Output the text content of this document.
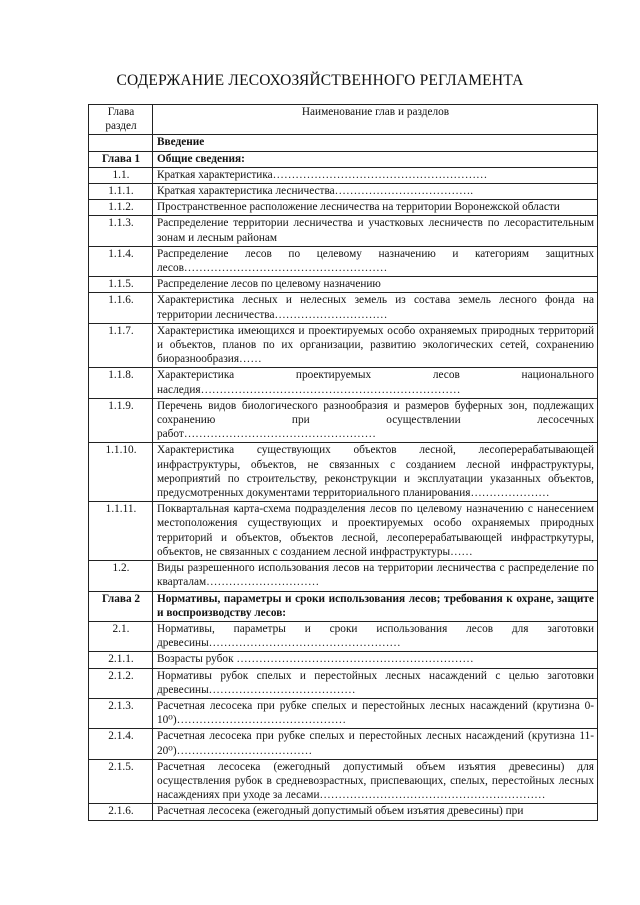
СОДЕРЖАНИЕ ЛЕСОХОЗЯЙСТВЕННОГО РЕГЛАМЕНТА
Глава
раздел	Наименование глав и разделов
	Введение
Глава 1	Общие сведения:
1.1.	Краткая характеристика…………………………………………………
1.1.1.	Краткая характеристика лесничества……………………………….
1.1.2.	Пространственное расположение лесничества на территории Воронежской области
1.1.3.	Распределение территории лесничества и участковых лесничеств по лесорастительным зонам и лесным районам
1.1.4.	Распределение лесов по целевому назначению и категориям защитных лесов………………………………………………
1.1.5.	Распределение лесов по целевому назначению
1.1.6.	Характеристика лесных и нелесных земель из состава земель лесного фонда на территории лесничества…………………………
1.1.7.	Характеристика имеющихся и проектируемых особо охраняемых природных территорий и объектов, планов по их организации, развитию экологических сетей, сохранению биоразнообразия……
1.1.8.	Характеристика проектируемых лесов национального наследия……………………………………………………………
1.1.9.	Перечень видов биологического разнообразия и размеров буферных зон, подлежащих сохранению при осуществлении лесосечных работ……………………………………………
1.1.10.	Характеристика существующих объектов лесной, лесоперерабатывающей инфраструктуры, объектов, не связанных с созданием лесной инфраструктуры, мероприятий по строительству, реконструкции и эксплуатации указанных объектов, предусмотренных документами территориального планирования…………………
1.1.11.	Поквартальная карта-схема подразделения лесов по целевому назначению с нанесением местоположения существующих и проектируемых особо охраняемых природных территорий и объектов, объектов лесной, лесоперерабатывающей инфрастркутуры, объектов, не связанных с созданием лесной инфраструктуры……
1.2.	Виды разрешенного использования лесов на территории лесничества с распределение по кварталам…………………………
Глава 2	Нормативы, параметры и сроки использования лесов; требования к охране, защите и воспроизводству лесов:
2.1.	Нормативы, параметры и сроки использования лесов для заготовки древесины……………………………………………
2.1.1.	Возрасты рубок ………………………………………………………
2.1.2.	Нормативы рубок спелых и перестойных лесных насаждений с целью заготовки древесины…………………………………
2.1.3.	Расчетная лесосека при рубке спелых и перестойных лесных насаждений (крутизна 0-10⁰)………………………………………
2.1.4.	Расчетная лесосека при рубке спелых и перестойных лесных насаждений (крутизна 11-20⁰)………………………………
2.1.5.	Расчетная лесосека (ежегодный допустимый объем изъятия древесины) для осуществления рубок в средневозрастных, приспевающих, спелых, перестойных лесных насаждениях при уходе за лесами……………………………………………………
2.1.6.	Расчетная лесосека (ежегодный допустимый объем изъятия древесины) при
